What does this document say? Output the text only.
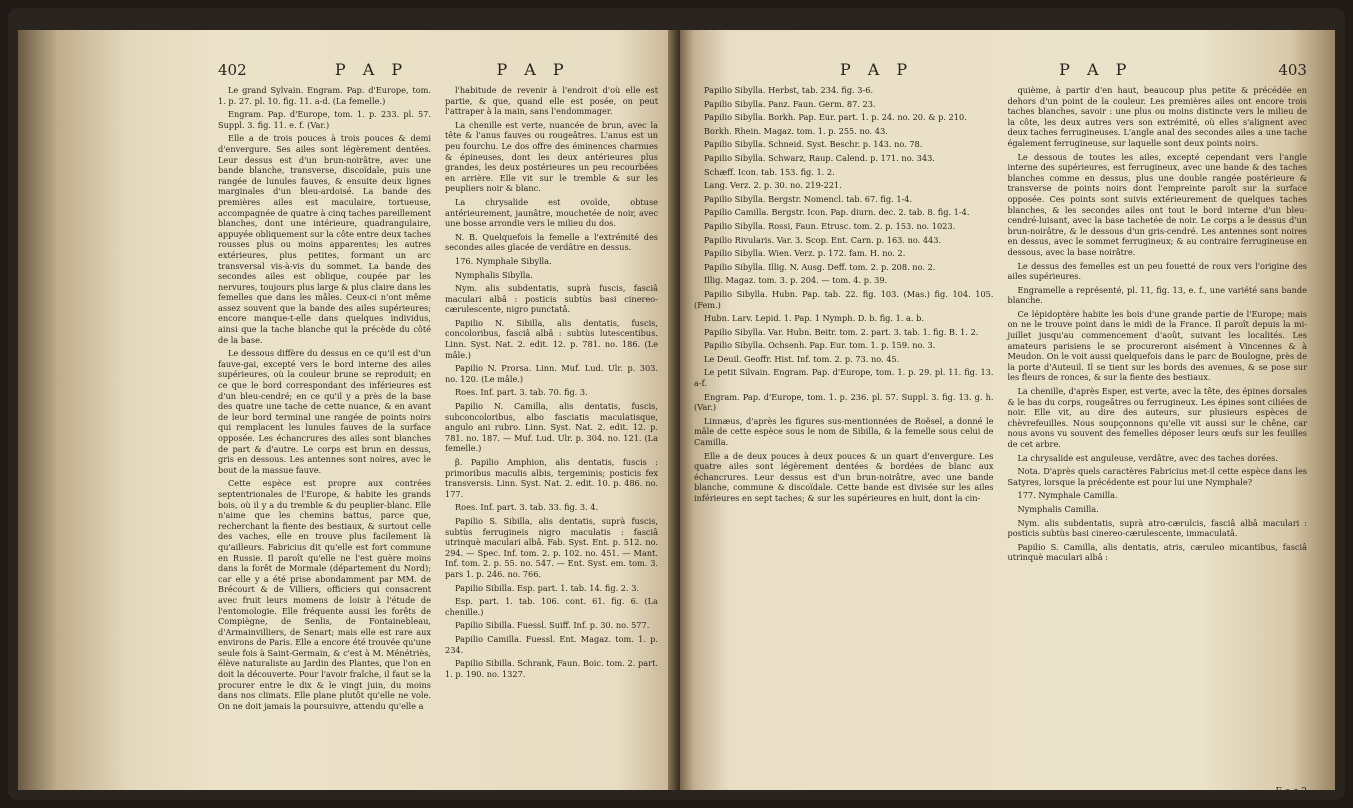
402	P A P	P A P

Le grand Sylvain. Engram. Pap. d'Europe, tom. 1. p. 27. pl. 10. fig. 11. a-d. (La femelle.)

Engram. Pap. d'Europe, tom. 1. p. 233. pl. 57. Suppl. 3. fig. 11. e. f. (Var.)

Elle a de trois pouces à trois pouces & demi d'envergure. Ses ailes sont légèrement dentées. Leur dessus est d'un brun-noirâtre, avec une bande blanche, transverse, discoïdale, puis une rangée de lunules fauves, & ensuite deux lignes marginales d'un bleu-ardoisé. La bande des premières ailes est maculaire, tortueuse, accompagnée de quatre à cinq taches pareillement blanches, dont une intérieure, quadrangulaire, appuyée obliquement sur la côte entre deux taches rousses plus ou moins apparentes; les autres extérieures, plus petites, formant un arc transversal vis-à-vis du sommet. La bande des secondes ailes est oblique, coupée par les nervures, toujours plus large & plus claire dans les femelles que dans les mâles. Ceux-ci n'ont même assez souvent que la bande des ailes supérieures; encore manque-t-elle dans quelques individus, ainsi que la tache blanche qui la précède du côté de la base.

Le dessous diffère du dessus en ce qu'il est d'un fauve-gai, excepté vers le bord interne des ailes supérieures, où la couleur brune se reproduit; en ce que le bord correspondant des inférieures est d'un bleu-cendré; en ce qu'il y a près de la base des quatre une tache de cette nuance, & en avant de leur bord terminal une rangée de points noirs qui remplacent les lunules fauves de la surface opposée. Les échancrures des ailes sont blanches de part & d'autre. Le corps est brun en dessus, gris en dessous. Les antennes sont noires, avec le bout de la massue fauve.

Cette espèce est propre aux contrées septentrionales de l'Europe, & habite les grands bois, où il y a du tremble & du peuplier-blanc. Elle n'aime que les chemins battus, parce que, recherchant la fiente des bestiaux, & surtout celle des vaches, elle en trouve plus facilement là qu'ailleurs. Fabricius dit qu'elle est fort commune en Russie. Il paroît qu'elle ne l'est guère moins dans la forêt de Mormale (département du Nord); car elle y a été prise abondamment par MM. de Brécourt & de Villiers, officiers qui consacrent avec fruit leurs momens de loisir à l'étude de l'entomologie. Elle fréquente aussi les forêts de Compiègne, de Senlis, de Fontainebleau, d'Armainvilliers, de Senart; mais elle est rare aux environs de Paris. Elle a encore été trouvée qu'une seule fois à Saint-Germain, & c'est à M. Ménétriès, élève naturaliste au Jardin des Plantes, que l'on en doit la découverte. Pour l'avoir fraîche, il faut se la procurer entre le dix & le vingt juin, du moins dans nos climats. Elle plane plutôt qu'elle ne vole. On ne doit jamais la poursuivre, attendu qu'elle a

l'habitude de revenir à l'endroit d'où elle est partie, & que, quand elle est posée, on peut l'attraper à la main, sans l'endommager.

La chenille est verte, nuancée de brun, avec la tête & l'anus fauves ou rougeâtres. L'anus est un peu fourchu. Le dos offre des éminences charnues & épineuses, dont les deux antérieures plus grandes, les deux postérieures un peu recourbées en arrière. Elle vit sur le tremble & sur les peupliers noir & blanc.

La chrysalide est ovoïde, obtuse antérieurement, jaunâtre, mouchetée de noir, avec une bosse arrondie vers le milieu du dos.

N. B. Quelquefois la femelle a l'extrémité des secondes ailes glacée de verdâtre en dessus.

176. Nymphale Sibylla.

Nymphalis Sibylla.

Nym. alis subdentatis, suprà fuscis, fasciâ maculari albâ : posticis subtùs basi cinereo-cærulescente, nigro punctatâ.

Papilio N. Sibilla, alis dentatis, fuscis, concoloribus, fasciâ albâ : subtùs lutescentibus. Linn. Syst. Nat. 2. edit. 12. p. 781. no. 186. (Le mâle.)

Papilio N. Prorsa. Linn. Muf. Lud. Ulr. p. 303. no. 120. (Le mâle.)

Roes. Inf. part. 3. tab. 70. fig. 3.

Papilio N. Camilla, alis dentatis, fuscis, subconcoloribus, albo fasciatis maculatisque, angulo ani rubro. Linn. Syst. Nat. 2. edit. 12. p. 781. no. 187. — Muf. Lud. Ulr. p. 304. no. 121. (La femelle.)

β. Papilio Amphion, alis dentatis, fuscis : primoribus maculis albis, tergeminis; posticis fex transversis. Linn. Syst. Nat. 2. edit. 10. p. 486. no. 177.

Roes. Inf. part. 3. tab. 33. fig. 3. 4.

Papilio S. Sibilla, alis dentatis, suprà fuscis, subtùs ferrugineis nigro maculatis : fasciâ utrinquè maculari albâ. Fab. Syst. Ent. p. 512. no. 294. — Spec. Inf. tom. 2. p. 102. no. 451. — Mant. Inf. tom. 2. p. 55. no. 547. — Ent. Syst. em. tom. 3. pars 1. p. 246. no. 766.

Papilio Sibilla. Esp. part. 1. tab. 14. fig. 2. 3.

Esp. part. 1. tab. 106. cont. 61. fig. 6. (La chenille.)

Papilio Sibilla. Fuessl. Suiff. Inf. p. 30. no. 577.

Papilio Camilla. Fuessl. Ent. Magaz. tom. 1. p. 234.

Papilio Sibilla. Schrank, Faun. Boic. tom. 2. part. 1. p. 190. no. 1327.

P A P	P A P	403

Papilio Sibylla. Herbst, tab. 234. fig. 3-6.

Papilio Sibylla. Panz. Faun. Germ. 87. 23.

Papilio Sibylla. Borkh. Pap. Eur. part. 1. p. 24. no. 20. & p. 210.

Borkh. Rhein. Magaz. tom. 1. p. 255. no. 43.

Papilio Sibylla. Schneid. Syst. Beschr. p. 143. no. 78.

Papilio Sibylla. Schwarz, Raup. Calend. p. 171. no. 343.

Schæff. Icon. tab. 153. fig. 1. 2.

Lang. Verz. 2. p. 30. no. 219-221.

Papilio Sibylla. Bergstr. Nomencl. tab. 67. fig. 1-4.

Papilio Camilla. Bergstr. Icon. Pap. diurn. dec. 2. tab. 8. fig. 1-4.

Papilio Sibylla. Rossi, Faun. Etrusc. tom. 2. p. 153. no. 1023.

Papilio Rivularis. Var. 3. Scop. Ent. Carn. p. 163. no. 443.

Papilio Sibylla. Wien. Verz. p. 172. fam. H. no. 2.

Papilio Sibylla. Illig. N. Ausg. Deff. tom. 2. p. 208. no. 2.

Illig. Magaz. tom. 3. p. 204. — tom. 4. p. 39.

Papilio Sibylla. Hubn. Pap. tab. 22. fig. 103. (Mas.) fig. 104. 105. (Fem.)

Hubn. Larv. Lepid. 1. Pap. 1 Nymph. D. b. fig. 1. a. b.

Papilio Sibylla. Var. Hubn. Beitr. tom. 2. part. 3. tab. 1. fig. B. 1. 2.

Papilio Sibylla. Ochsenh. Pap. Eur. tom. 1. p. 159. no. 3.

Le Deuil. Geoffr. Hist. Inf. tom. 2. p. 73. no. 45.

Le petit Silvain. Engram. Pap. d'Europe, tom. 1. p. 29. pl. 11. fig. 13. a-f.

Engram. Pap. d'Europe, tom. 1. p. 236. pl. 57. Suppl. 3. fig. 13. g. h. (Var.)

Linnæus, d'après les figures sus-mentionnées de Roësel, a donné le mâle de cette espèce sous le nom de Sibilla, & la femelle sous celui de Camilla.

Elle a de deux pouces à deux pouces & un quart d'envergure. Les quatre ailes sont légèrement dentées & bordées de blanc aux échancrures. Leur dessus est d'un brun-noirâtre, avec une bande blanche, commune & discoïdale. Cette bande est divisée sur les ailes inférieures en sept taches; & sur les supérieures en huit, dont la cin-

quième, à partir d'en haut, beaucoup plus petite & précédée en dehors d'un point de la couleur. Les premières ailes ont encore trois taches blanches, savoir : une plus ou moins distincte vers le milieu de la côte, les deux autres vers son extrémité, où elles s'alignent avec deux taches ferrugineuses. L'angle anal des secondes ailes a une tache également ferrugineuse, sur laquelle sont deux points noirs.

Le dessous de toutes les ailes, excepté cependant vers l'angle interne des supérieures, est ferrugineux, avec une bande & des taches blanches comme en dessus, plus une double rangée postérieure & transverse de points noirs dont l'empreinte paroît sur la surface opposée. Ces points sont suivis extérieurement de quelques taches blanches, & les secondes ailes ont tout le bord interne d'un bleu-cendré-luisant, avec la base tachetée de noir. Le corps a le dessus d'un brun-noirâtre, & le dessous d'un gris-cendré. Les antennes sont noires en dessus, avec le sommet ferrugineux; & au contraire ferrugineuse en dessous, avec la base noirâtre.

Le dessus des femelles est un peu fouetté de roux vers l'origine des ailes supérieures.

Engramelle a représenté, pl. 11, fig. 13, e. f., une variété sans bande blanche.

Ce lépidoptère habite les bois d'une grande partie de l'Europe; mais on ne le trouve point dans le midi de la France. Il paroît depuis la mi-juillet jusqu'au commencement d'août, suivant les localités. Les amateurs parisiens le se procureront aisément à Vincennes & à Meudon. On le voit aussi quelquefois dans le parc de Boulogne, près de la porte d'Auteuil. Il se tient sur les bords des avenues, & se pose sur les fleurs de ronces, & sur la fiente des bestiaux.

La chenille, d'après Esper, est verte, avec la tête, des épines dorsales & le bas du corps, rougeâtres ou ferrugineux. Les épines sont ciliées de noir. Elle vit, au dire des auteurs, sur plusieurs espèces de chèvrefeuilles. Nous soupçonnons qu'elle vit aussi sur le chêne, car nous avons vu souvent des femelles déposer leurs œufs sur les feuilles de cet arbre.

La chrysalide est anguleuse, verdâtre, avec des taches dorées.

Nota. D'après quels caractères Fabricius met-il cette espèce dans les Satyres, lorsque la précédente est pour lui une Nymphale?

177. Nymphale Camilla.

Nymphalis Camilla.

Nym. alis subdentatis, suprà atro-cærulcis, fasciâ albâ maculari : posticis subtùs basi cinereo-cærulescente, immaculatâ.

Papilio S. Camilla, alis dentatis, atris, cæruleo micantibus, fasciâ utrinquè maculari albâ :

E e e 2
